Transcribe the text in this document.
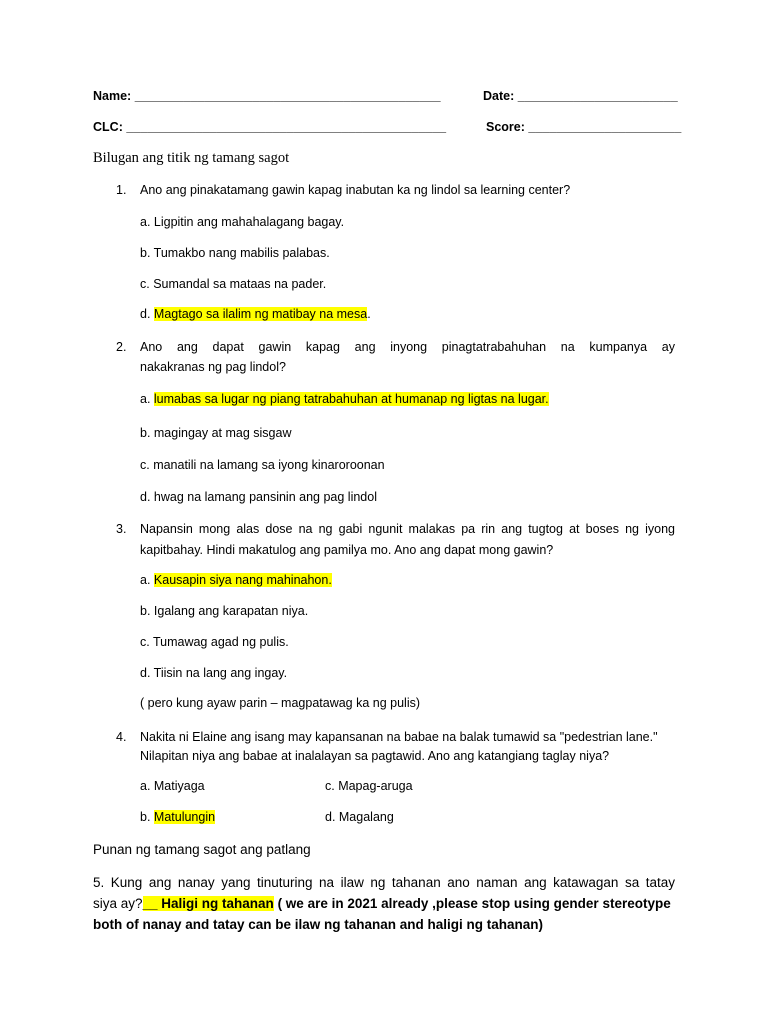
Name: ____________________________________________	Date: _______________________
CLC: ______________________________________________	Score: ______________________
Bilugan ang titik ng tamang sagot
1. Ano ang pinakatamang gawin kapag inabutan ka ng lindol sa learning center?
a. Ligpitin ang mahahalagang bagay.
b. Tumakbo nang mabilis palabas.
c. Sumandal sa mataas na pader.
d. Magtago sa ilalim ng matibay na mesa.
2. Ano ang dapat gawin kapag ang inyong pinagtatrabahuhan na kumpanya ay
nakakranas ng pag lindol?
a. lumabas sa lugar ng piang tatrabahuhan at humanap ng ligtas na lugar.
b. magingay at mag sisgaw
c. manatili na lamang sa iyong kinaroroonan
d. hwag na lamang pansinin ang pag lindol
3. Napansin mong alas dose na ng gabi ngunit malakas pa rin ang tugtog at boses ng iyong
kapitbahay. Hindi makatulog ang pamilya mo. Ano ang dapat mong gawin?
a. Kausapin siya nang mahinahon.
b. Igalang ang karapatan niya.
c. Tumawag agad ng pulis.
d. Tiisin na lang ang ingay.
( pero kung ayaw parin – magpatawag ka ng pulis)
4. Nakita ni Elaine ang isang may kapansanan na babae na balak tumawid sa "pedestrian lane."
Nilapitan niya ang babae at inalalayan sa pagtawid. Ano ang katangiang taglay niya?
a. Matiyaga	c. Mapag-aruga
b. Matulungin	d. Magalang
Punan ng tamang sagot ang patlang
5. Kung ang nanay yang tinuturing na ilaw ng tahanan ano naman ang katawagan sa tatay
siya ay?__ Haligi ng tahanan ( we are in 2021 already ,please stop using gender stereotype
both of nanay and tatay can be ilaw ng tahanan and haligi ng tahanan)
